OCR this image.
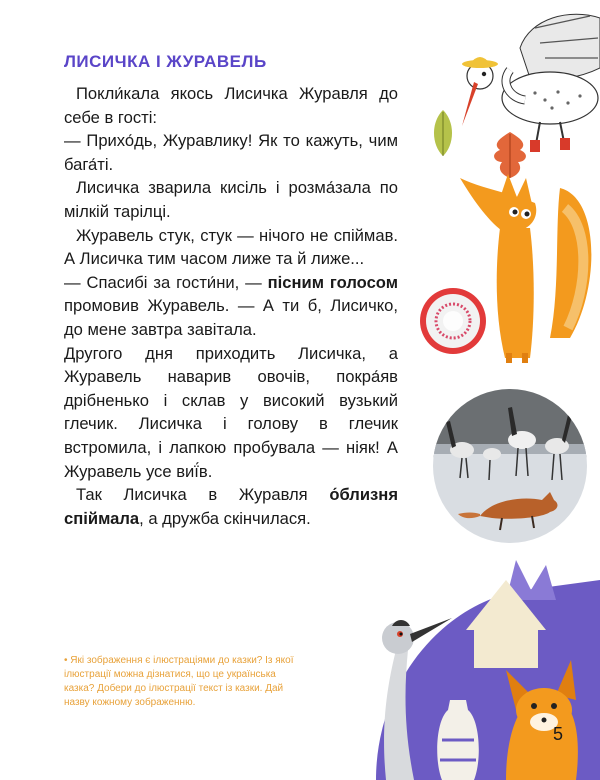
ЛИСИЧКА І ЖУРАВЕЛЬ

Покли́кала якось Лисичка Журавля до себе в гості:

— Прихо́дь, Журавлику! Як то кажуть, чим бага́ті.

Лисичка зварила кисіль і розма́зала по мілкій тарілці.

Журавель стук, стук — нічого не спіймав. А Лисичка тим часом лиже та й лиже...

— Спасибі за гости́ни, — пісним голосом промовив Журавель. — А ти б, Лисичко, до мене завтра завітала.

Другого дня приходить Лисичка, а Журавель наварив овочів, покра́яв дрібненько і склав у високий вузький глечик. Лисичка і голову в глечик встромила, і лапкою пробувала — ніяк! А Журавель усе виї́в.

Так Лисичка в Журавля о́близня спіймала, а дружба скінчилася.

• Які зображення є ілюстраціями до казки? Із якої ілюстрації можна дізнатися, що це українська казка? Добери до ілюстрації текст із казки. Дай назву кожному зображенню.
5
